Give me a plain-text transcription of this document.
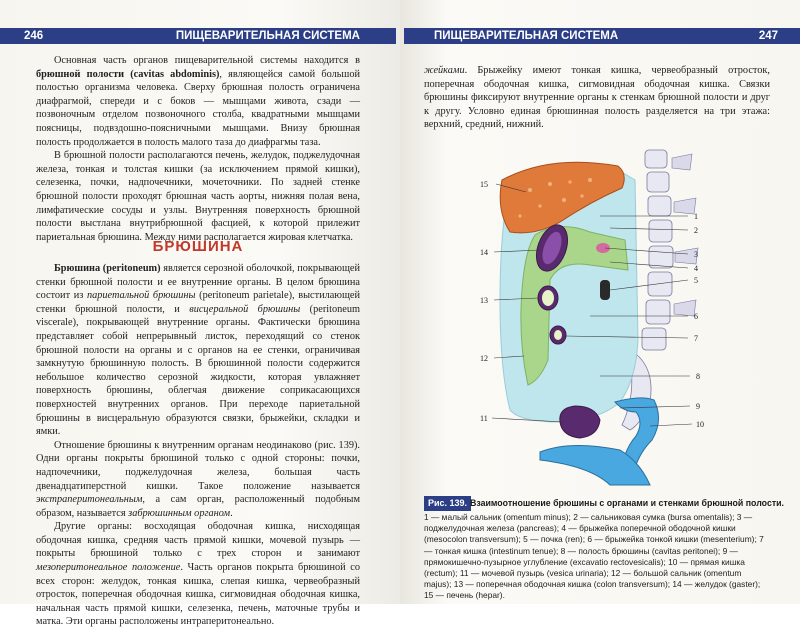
246	ПИЩЕВАРИТЕЛЬНАЯ СИСТЕМА

Основная часть органов пищеварительной системы находится в брюшной полости (cavitas abdominis), являющейся самой большой полостью организма человека. Сверху брюшная полость ограничена диафрагмой, спереди и с боков — мышцами живота, сзади — позвоночным отделом позвоночного столба, квадратными мышцами поясницы, подвздошно-поясничными мышцами. Внизу брюшная полость продолжается в полость малого таза до диафрагмы таза.

В брюшной полости располагаются печень, желудок, поджелудочная железа, тонкая и толстая кишки (за исключением прямой кишки), селезенка, почки, надпочечники, мочеточники. По задней стенке брюшной полости проходят брюшная часть аорты, нижняя полая вена, лимфатические сосуды и узлы. Внутренняя поверхность брюшной полости выстлана внутрибрюшной фасцией, к которой прилежит париетальная брюшина. Между ними располагается жировая клетчатка.

БРЮШИНА

Брюшина (peritoneum) является серозной оболочкой, покрывающей стенки брюшной полости и ее внутренние органы. В целом брюшина состоит из париетальной брюшины (peritoneum parietale), выстилающей стенки брюшной полости, и висцеральной брюшины (peritoneum viscerale), покрывающей внутренние органы. Фактически брюшина представляет собой непрерывный листок, переходящий со стенок брюшной полости на органы и с органов на ее стенки, ограничивая замкнутую брюшинную полость. В брюшинной полости содержится небольшое количество серозной жидкости, которая увлажняет поверхность брюшины, облегчая движение соприкасающихся поверхностей внутренних органов. При переходе париетальной брюшины в висцеральную образуются связки, брыжейки, складки и ямки.

Отношение брюшины к внутренним органам неодинаково (рис. 139). Одни органы покрыты брюшиной только с одной стороны: почки, надпочечники, поджелудочная железа, большая часть двенадцатиперстной кишки. Такое положение называется экстраперитонеальным, а сам орган, расположенный подобным образом, называется забрюшинным органом.

Другие органы: восходящая ободочная кишка, нисходящая ободочная кишка, средняя часть прямой кишки, мочевой пузырь — покрыты брюшиной только с трех сторон и занимают мезоперитонеальное положение. Часть органов покрыта брюшиной со всех сторон: желудок, тонкая кишка, слепая кишка, червеобразный отросток, поперечная ободочная кишка, сигмовидная ободочная кишка, начальная часть прямой кишки, селезенка, печень, маточные трубы и матка. Эти органы расположены интраперитонеально.

ПИЩЕВАРИТЕЛЬНАЯ СИСТЕМА	247

жейками. Брыжейку имеют тонкая кишка, червеобразный отросток, поперечная ободочная кишка, сигмовидная ободочная кишка. Связки брюшины фиксируют внутренние органы к стенкам брюшной полости и друг к другу. Условно единая брюшинная полость разделяется на три этажа: верхний, средний, нижний.

1
2
3
4
5
6
7
8
9
10
11
12
13
14
15
Рис. 139. Взаимоотношение брюшины с органами и стенками брюшной полости.
1 — малый сальник (omentum minus); 2 — сальниковая сумка (bursa omentalis); 3 — поджелудочная железа (pancreas); 4 — брыжейка поперечной ободочной кишки (mesocolon transversum); 5 — почка (ren); 6 — брыжейка тонкой кишки (mesenterium); 7 — тонкая кишка (intestinum tenue); 8 — полость брюшины (cavitas peritonei); 9 — прямокишечно-пузырное углубление (excavatio rectovesicalis); 10 — прямая кишка (rectum); 11 — мочевой пузырь (vesica urinaria); 12 — большой сальник (omentum majus); 13 — поперечная ободочная кишка (colon transversum); 14 — желудок (gaster); 15 — печень (hepar).
